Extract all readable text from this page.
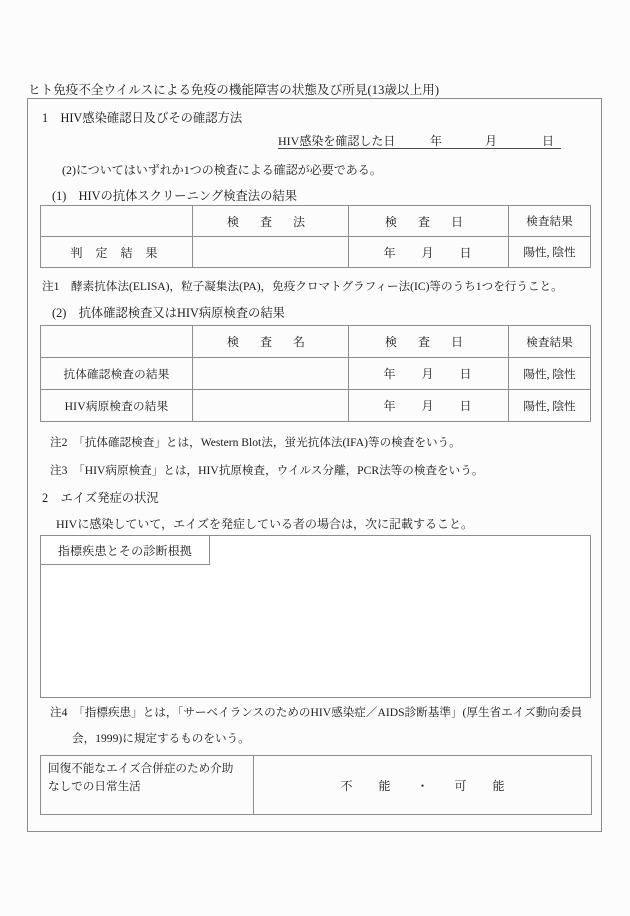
ヒト免疫不全ウイルスによる免疫の機能障害の状態及び所見(13歳以上用)
1　HIV感染確認日及びその確認方法
HIV感染を確認した日	年	月	日
(2)についてはいずれか1つの検査による確認が必要である。
(1)　HIVの抗体スクリーニング検査法の結果
	検 査 法	検 査 日	検査結果
判 定 結 果		年 月 日	陽性, 陰性
注1　酵素抗体法(ELISA)，粒子凝集法(PA)，免疫クロマトグラフィー法(IC)等のうち1つを行うこと。
(2)　抗体確認検査又はHIV病原検査の結果
	検 査 名	検 査 日	検査結果
抗体確認検査の結果		年 月 日	陽性, 陰性
HIV病原検査の結果		年 月 日	陽性, 陰性
注2　「抗体確認検査」とは，Western Blot法，蛍光抗体法(IFA)等の検査をいう。
注3　「HIV病原検査」とは，HIV抗原検査，ウイルス分離，PCR法等の検査をいう。
2　エイズ発症の状況
HIVに感染していて，エイズを発症している者の場合は，次に記載すること。
指標疾患とその診断根拠
注4　「指標疾患」とは，「サーベイランスのためのHIV感染症／AIDS診断基準」(厚生省エイズ動向委員
会，1999)に規定するものをいう。
回復不能なエイズ合併症のため介助
なしでの日常生活	不　能　・　可　能
